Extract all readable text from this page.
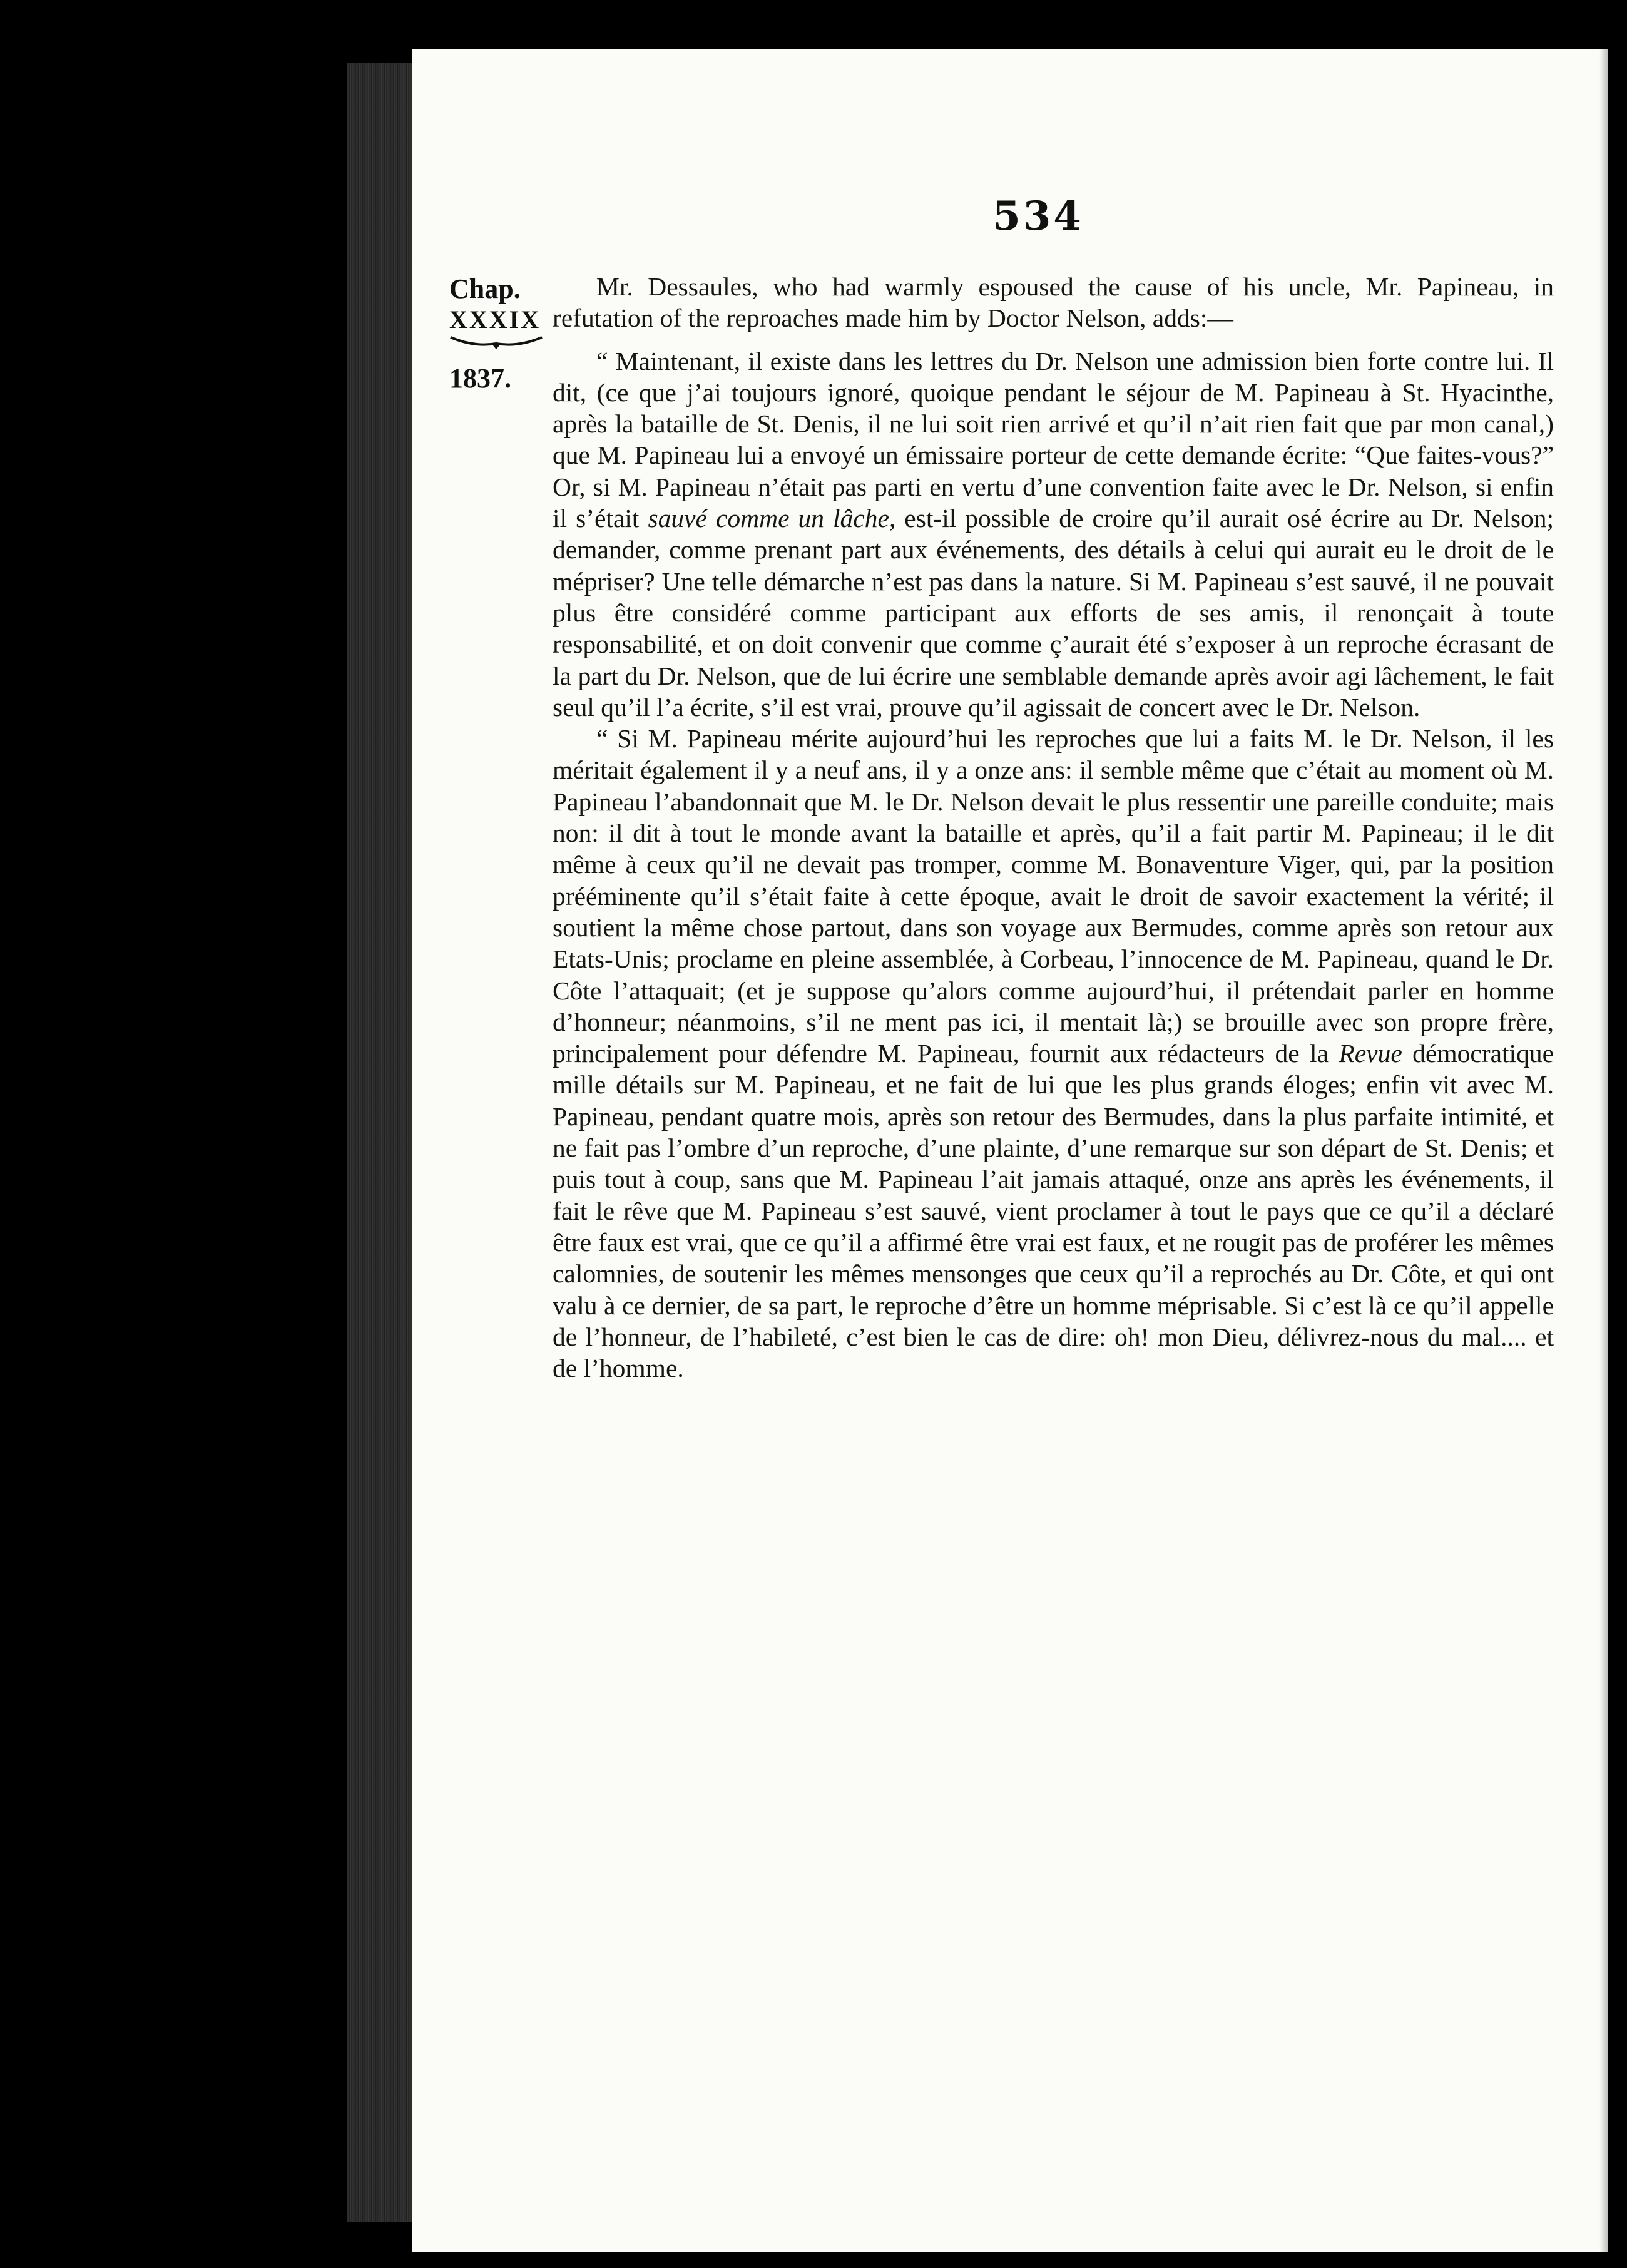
534
Chap.
XXXIX
1837.

Mr. Dessaules, who had warmly espoused the cause of his uncle, Mr. Papineau, in refutation of the reproaches made him by Doctor Nelson, adds:—

“ Maintenant, il existe dans les lettres du Dr. Nelson une admission bien forte contre lui. Il dit, (ce que j’ai toujours ignoré, quoique pendant le séjour de M. Papineau à St. Hyacinthe, après la bataille de St. Denis, il ne lui soit rien arrivé et qu’il n’ait rien fait que par mon canal,) que M. Papineau lui a envoyé un émissaire porteur de cette demande écrite: “Que faites-vous?” Or, si M. Papineau n’était pas parti en vertu d’une convention faite avec le Dr. Nelson, si enfin il s’était sauvé comme un lâche, est-il possible de croire qu’il aurait osé écrire au Dr. Nelson; demander, comme prenant part aux événements, des détails à celui qui aurait eu le droit de le mépriser? Une telle démarche n’est pas dans la nature. Si M. Papineau s’est sauvé, il ne pouvait plus être considéré comme participant aux efforts de ses amis, il renonçait à toute responsabilité, et on doit convenir que comme ç’aurait été s’exposer à un reproche écrasant de la part du Dr. Nelson, que de lui écrire une semblable demande après avoir agi lâchement, le fait seul qu’il l’a écrite, s’il est vrai, prouve qu’il agissait de concert avec le Dr. Nelson.

“ Si M. Papineau mérite aujourd’hui les reproches que lui a faits M. le Dr. Nelson, il les méritait également il y a neuf ans, il y a onze ans: il semble même que c’était au moment où M. Papineau l’abandonnait que M. le Dr. Nelson devait le plus ressentir une pareille conduite; mais non: il dit à tout le monde avant la bataille et après, qu’il a fait partir M. Papineau; il le dit même à ceux qu’il ne devait pas tromper, comme M. Bonaventure Viger, qui, par la position prééminente qu’il s’était faite à cette époque, avait le droit de savoir exactement la vérité; il soutient la même chose partout, dans son voyage aux Bermudes, comme après son retour aux Etats-Unis; proclame en pleine assemblée, à Corbeau, l’innocence de M. Papineau, quand le Dr. Côte l’attaquait; (et je suppose qu’alors comme aujourd’hui, il prétendait parler en homme d’honneur; néanmoins, s’il ne ment pas ici, il mentait là;) se brouille avec son propre frère, principalement pour défendre M. Papineau, fournit aux rédacteurs de la Revue démocratique mille détails sur M. Papineau, et ne fait de lui que les plus grands éloges; enfin vit avec M. Papineau, pendant quatre mois, après son retour des Bermudes, dans la plus parfaite intimité, et ne fait pas l’ombre d’un reproche, d’une plainte, d’une remarque sur son départ de St. Denis; et puis tout à coup, sans que M. Papineau l’ait jamais attaqué, onze ans après les événements, il fait le rêve que M. Papineau s’est sauvé, vient proclamer à tout le pays que ce qu’il a déclaré être faux est vrai, que ce qu’il a affirmé être vrai est faux, et ne rougit pas de proférer les mêmes calomnies, de soutenir les mêmes mensonges que ceux qu’il a reprochés au Dr. Côte, et qui ont valu à ce dernier, de sa part, le reproche d’être un homme méprisable. Si c’est là ce qu’il appelle de l’honneur, de l’habileté, c’est bien le cas de dire: oh! mon Dieu, délivrez-nous du mal.... et de l’homme.
